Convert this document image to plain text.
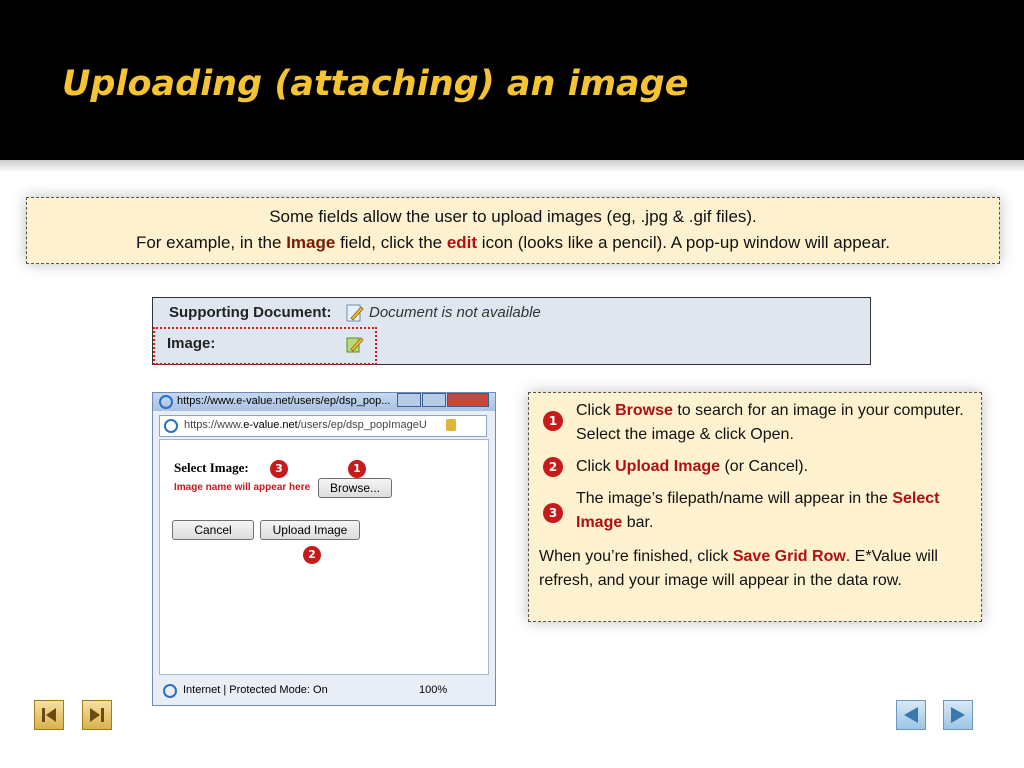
Uploading (attaching) an image
Some fields allow the user to upload images (eg, .jpg & .gif files).
For example, in the Image field, click the edit icon (looks like a pencil). A pop-up window will appear.
Supporting Document:	Document is not available
Image:
https://www.e-value.net/users/ep/dsp_pop...
https://www.e-value.net/users/ep/dsp_popImageU
Select Image:	3	1
Image name will appear here	Browse...
Cancel	Upload Image
2
Internet | Protected Mode: On	100%
1
Click Browse to search for an image in your computer. Select the image & click Open.
2	Click Upload Image (or Cancel).
3
The image’s filepath/name will appear in the Select Image bar.
When you’re finished, click Save Grid Row. E*Value will refresh, and your image will appear in the data row.
